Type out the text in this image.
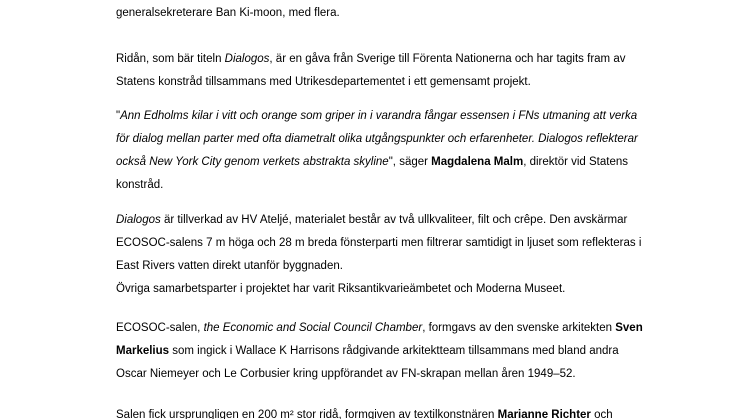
generalsekreterare Ban Ki-moon, med flera.

Ridån, som bär titeln Dialogos, är en gåva från Sverige till Förenta Nationerna och har tagits fram av
Statens konstråd tillsammans med Utrikesdepartementet i ett gemensamt projekt.

"Ann Edholms kilar i vitt och orange som griper in i varandra fångar essensen i FNs utmaning att verka
för dialog mellan parter med ofta diametralt olika utgångspunkter och erfarenheter. Dialogos reflekterar
också New York City genom verkets abstrakta skyline", säger Magdalena Malm, direktör vid Statens
konstråd.

Dialogos är tillverkad av HV Ateljé, materialet består av två ullkvaliteer, filt och crêpe. Den avskärmar
ECOSOC-salens 7 m höga och 28 m breda fönsterparti men filtrerar samtidigt in ljuset som reflekteras i
East Rivers vatten direkt utanför byggnaden.
Övriga samarbetsparter i projektet har varit Riksantikvarieämbetet och Moderna Museet.

ECOSOC-salen, the Economic and Social Council Chamber, formgavs av den svenske arkitekten Sven
Markelius som ingick i Wallace K Harrisons rådgivande arkitektteam tillsammans med bland andra
Oscar Niemeyer och Le Corbusier kring uppförandet av FN-skrapan mellan åren 1949–52.

Salen fick ursprungligen en 200 m² stor ridå, formgiven av textilkonstnären Marianne Richter och
